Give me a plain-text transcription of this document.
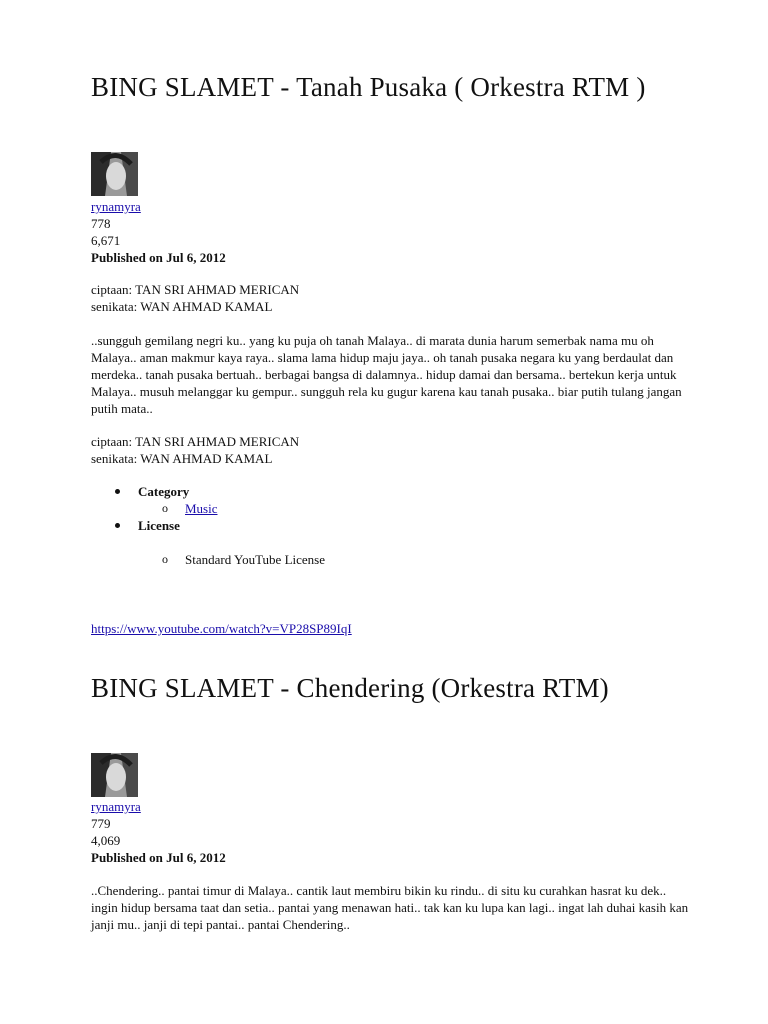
BING SLAMET - Tanah Pusaka ( Orkestra RTM )

rynamyra

778

6,671

Published on Jul 6, 2012

ciptaan: TAN SRI AHMAD MERICAN

senikata: WAN AHMAD KAMAL

..sungguh gemilang negri ku.. yang ku puja oh tanah Malaya.. di marata dunia harum semerbak nama mu oh Malaya.. aman makmur kaya raya.. slama lama hidup maju jaya.. oh tanah pusaka negara ku yang berdaulat dan merdeka.. tanah pusaka bertuah.. berbagai bangsa di dalamnya.. hidup damai dan bersama.. bertekun kerja untuk Malaya.. musuh melanggar ku gempur.. sungguh rela ku gugur karena kau tanah pusaka.. biar putih tulang jangan putih mata..

ciptaan: TAN SRI AHMAD MERICAN

senikata: WAN AHMAD KAMAL

Category
o Music
License
o Standard YouTube License

https://www.youtube.com/watch?v=VP28SP89IqI

BING SLAMET - Chendering (Orkestra RTM)

rynamyra

779

4,069

Published on Jul 6, 2012

..Chendering.. pantai timur di Malaya.. cantik laut membiru bikin ku rindu.. di situ ku curahkan hasrat ku dek.. ingin hidup bersama taat dan setia.. pantai yang menawan hati.. tak kan ku lupa kan lagi.. ingat lah duhai kasih kan janji mu.. janji di tepi pantai.. pantai Chendering..
